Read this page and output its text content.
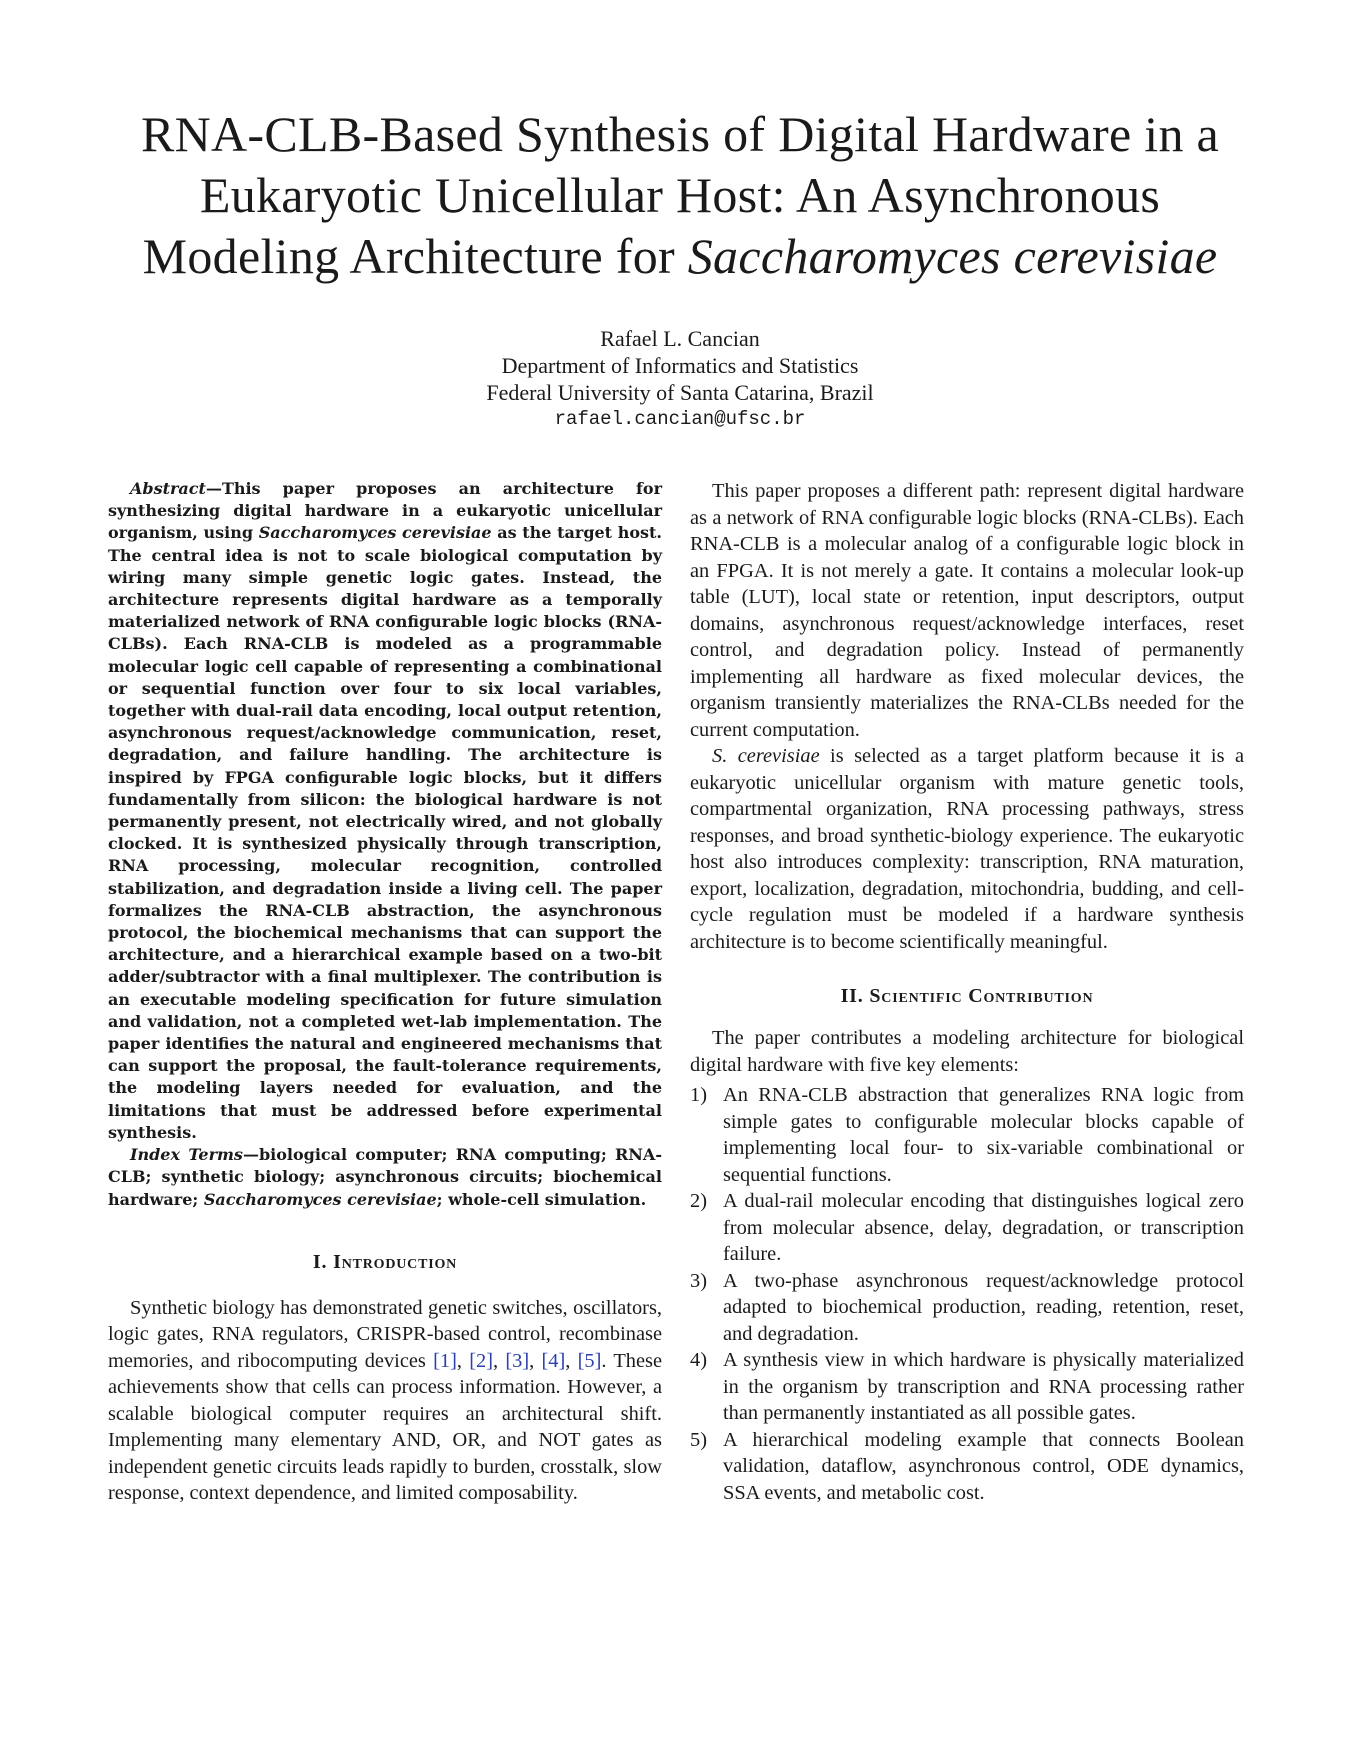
RNA-CLB-Based Synthesis of Digital Hardware in a
Eukaryotic Unicellular Host: An Asynchronous
Modeling Architecture for Saccharomyces cerevisiae
Rafael L. Cancian
Department of Informatics and Statistics
Federal University of Santa Catarina, Brazil
rafael.cancian@ufsc.br

Abstract—This paper proposes an architecture for synthesizing digital hardware in a eukaryotic unicellular organism, using Saccharomyces cerevisiae as the target host. The central idea is not to scale biological computation by wiring many simple genetic logic gates. Instead, the architecture represents digital hardware as a temporally materialized network of RNA configurable logic blocks (RNA-CLBs). Each RNA-CLB is modeled as a programmable molecular logic cell capable of representing a combinational or sequential function over four to six local variables, together with dual-rail data encoding, local output retention, asynchronous request/acknowledge communication, reset, degradation, and failure handling. The architecture is inspired by FPGA configurable logic blocks, but it differs fundamentally from silicon: the biological hardware is not permanently present, not electrically wired, and not globally clocked. It is synthesized physically through transcription, RNA processing, molecular recognition, controlled stabilization, and degradation inside a living cell. The paper formalizes the RNA-CLB abstraction, the asynchronous protocol, the biochemical mechanisms that can support the architecture, and a hierarchical example based on a two-bit adder/subtractor with a final multiplexer. The contribution is an executable modeling specification for future simulation and validation, not a completed wet-lab implementation. The paper identifies the natural and engineered mechanisms that can support the proposal, the fault-tolerance requirements, the modeling layers needed for evaluation, and the limitations that must be addressed before experimental synthesis.

Index Terms—biological computer; RNA computing; RNA-CLB; synthetic biology; asynchronous circuits; biochemical hardware; Saccharomyces cerevisiae; whole-cell simulation.

I. Introduction

Synthetic biology has demonstrated genetic switches, oscillators, logic gates, RNA regulators, CRISPR-based control, recombinase memories, and ribocomputing devices [1], [2], [3], [4], [5]. These achievements show that cells can process information. However, a scalable biological computer requires an architectural shift. Implementing many elementary AND, OR, and NOT gates as independent genetic circuits leads rapidly to burden, crosstalk, slow response, context dependence, and limited composability.

This paper proposes a different path: represent digital hardware as a network of RNA configurable logic blocks (RNA-CLBs). Each RNA-CLB is a molecular analog of a configurable logic block in an FPGA. It is not merely a gate. It contains a molecular look-up table (LUT), local state or retention, input descriptors, output domains, asynchronous request/acknowledge interfaces, reset control, and degradation policy. Instead of permanently implementing all hardware as fixed molecular devices, the organism transiently materializes the RNA-CLBs needed for the current computation.

S. cerevisiae is selected as a target platform because it is a eukaryotic unicellular organism with mature genetic tools, compartmental organization, RNA processing pathways, stress responses, and broad synthetic-biology experience. The eukaryotic host also introduces complexity: transcription, RNA maturation, export, localization, degradation, mitochondria, budding, and cell-cycle regulation must be modeled if a hardware synthesis architecture is to become scientifically meaningful.

II. Scientific Contribution

The paper contributes a modeling architecture for biological digital hardware with five key elements:

1) An RNA-CLB abstraction that generalizes RNA logic from simple gates to configurable molecular blocks capable of implementing local four- to six-variable combinational or sequential functions.
2) A dual-rail molecular encoding that distinguishes logical zero from molecular absence, delay, degradation, or transcription failure.
3) A two-phase asynchronous request/acknowledge protocol adapted to biochemical production, reading, retention, reset, and degradation.
4) A synthesis view in which hardware is physically materialized in the organism by transcription and RNA processing rather than permanently instantiated as all possible gates.
5) A hierarchical modeling example that connects Boolean validation, dataflow, asynchronous control, ODE dynamics, SSA events, and metabolic cost.
